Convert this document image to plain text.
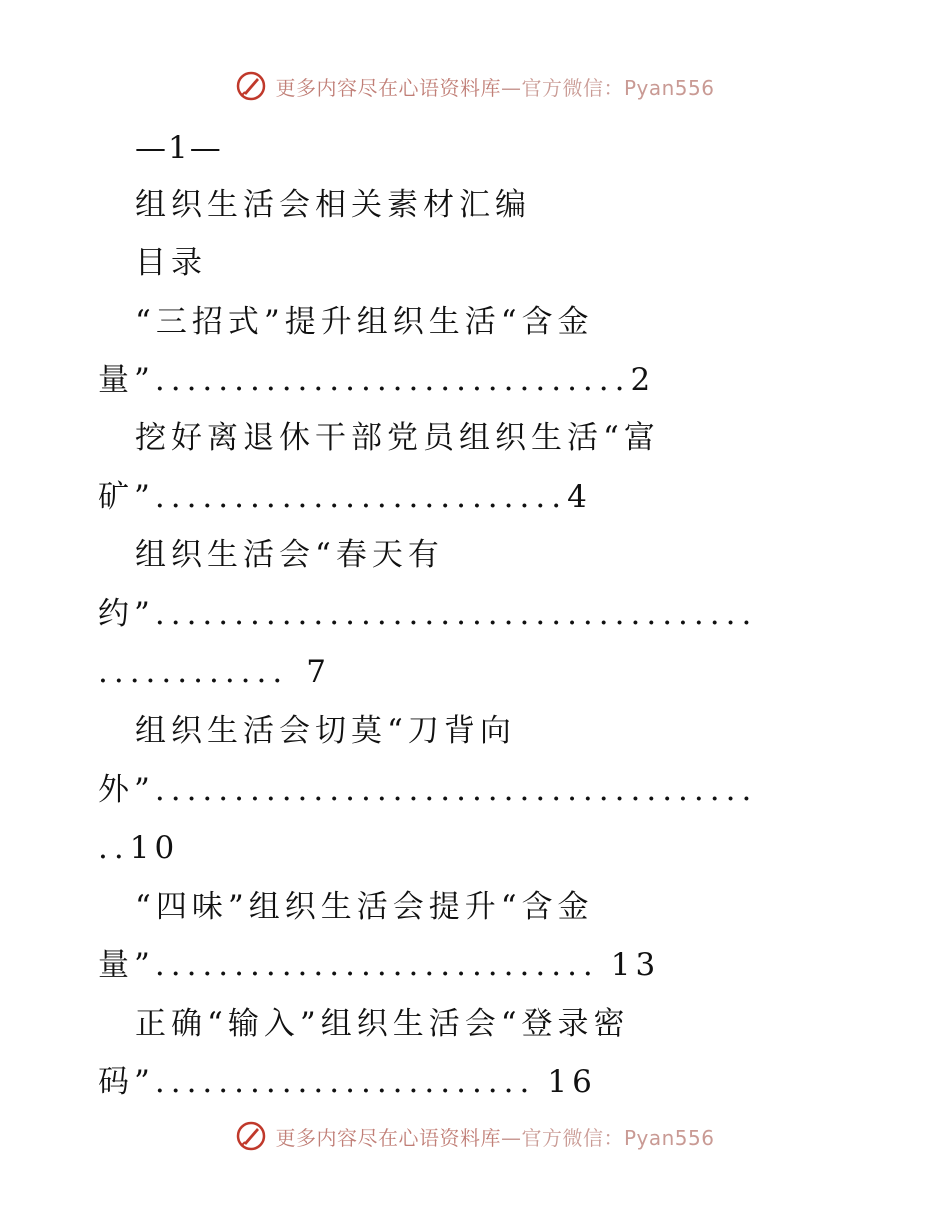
更多内容尽在心语资料库—官方微信：Pyan556
—1—
组织生活会相关素材汇编
目录
“三招式”提升组织生活“含金
量”..............................2
挖好离退休干部党员组织生活“富
矿”..........................4
组织生活会“春天有
约”......................................
............ 7
组织生活会切莫“刀背向
外”......................................
..10
“四味”组织生活会提升“含金
量”............................ 13
正确“输入”组织生活会“登录密
码”........................ 16
更多内容尽在心语资料库—官方微信：Pyan556
